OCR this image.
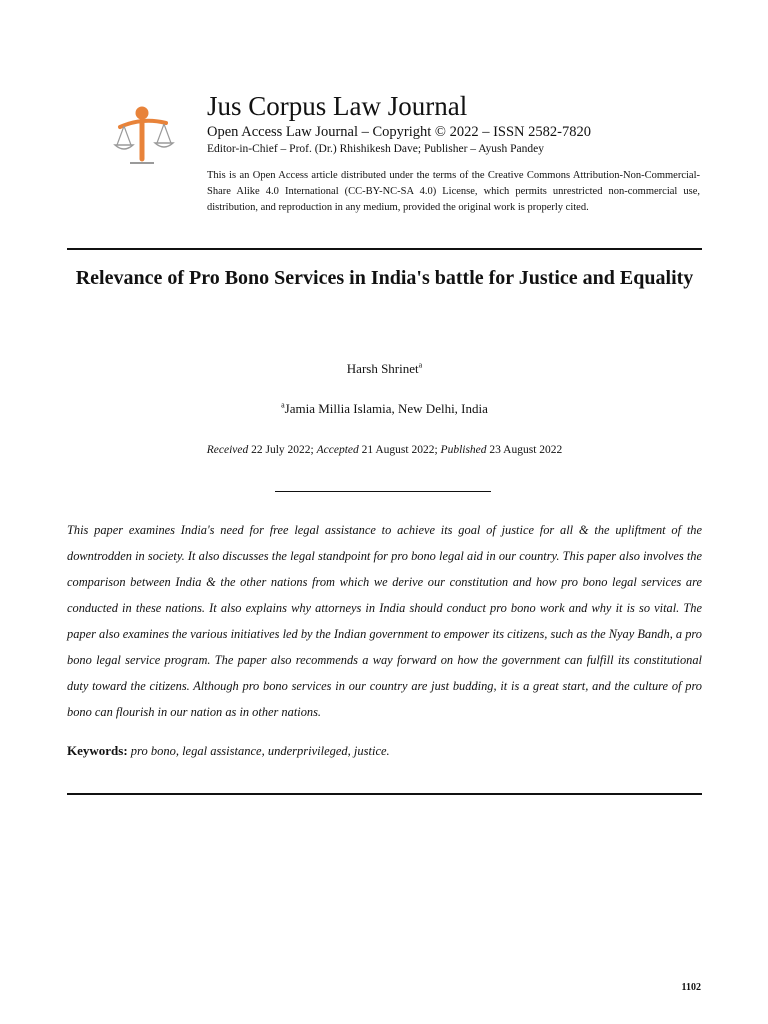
Jus Corpus Law Journal
Open Access Law Journal – Copyright © 2022 – ISSN 2582-7820
Editor-in-Chief – Prof. (Dr.) Rhishikesh Dave; Publisher – Ayush Pandey
This is an Open Access article distributed under the terms of the Creative Commons Attribution-Non-Commercial-Share Alike 4.0 International (CC-BY-NC-SA 4.0) License, which permits unrestricted non-commercial use, distribution, and reproduction in any medium, provided the original work is properly cited.
Relevance of Pro Bono Services in India's battle for Justice and Equality
Harsh Shrinet$^a$
$^a$Jamia Millia Islamia, New Delhi, India
Received 22 July 2022; Accepted 21 August 2022; Published 23 August 2022
This paper examines India's need for free legal assistance to achieve its goal of justice for all & the upliftment of the downtrodden in society. It also discusses the legal standpoint for pro bono legal aid in our country. This paper also involves the comparison between India & the other nations from which we derive our constitution and how pro bono legal services are conducted in these nations. It also explains why attorneys in India should conduct pro bono work and why it is so vital. The paper also examines the various initiatives led by the Indian government to empower its citizens, such as the Nyay Bandh, a pro bono legal service program. The paper also recommends a way forward on how the government can fulfill its constitutional duty toward the citizens. Although pro bono services in our country are just budding, it is a great start, and the culture of pro bono can flourish in our nation as in other nations.
Keywords: pro bono, legal assistance, underprivileged, justice.
1102
